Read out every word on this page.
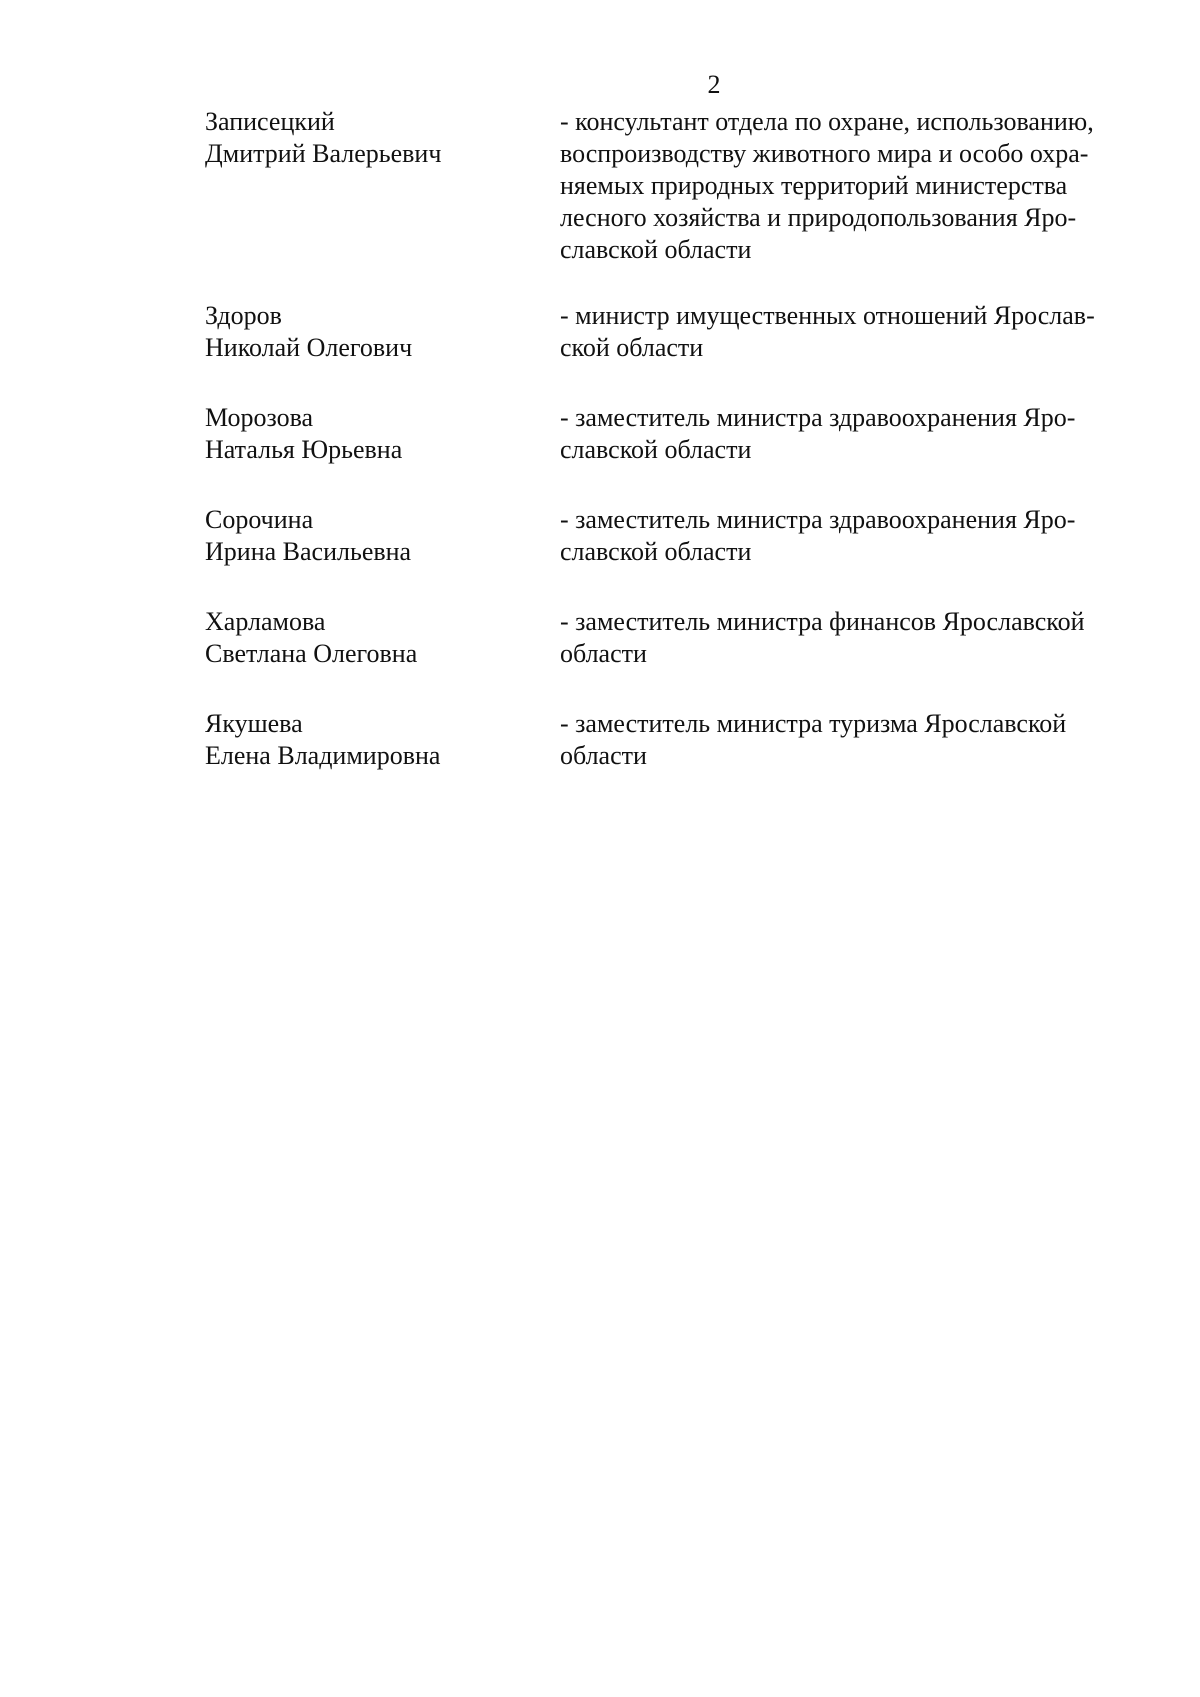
2
Записецкий
Дмитрий Валерьевич
- консультант отдела по охране, использованию,
воспроизводству животного мира и особо охра-
няемых природных территорий министерства
лесного хозяйства и природопользования Яро-
славской области
Здоров
Николай Олегович
- министр имущественных отношений Ярослав-
ской области
Морозова
Наталья Юрьевна
- заместитель министра здравоохранения Яро-
славской области
Сорочина
Ирина Васильевна
- заместитель министра здравоохранения Яро-
славской области
Харламова
Светлана Олеговна
- заместитель министра финансов Ярославской
области
Якушева
Елена Владимировна
- заместитель министра туризма Ярославской
области
